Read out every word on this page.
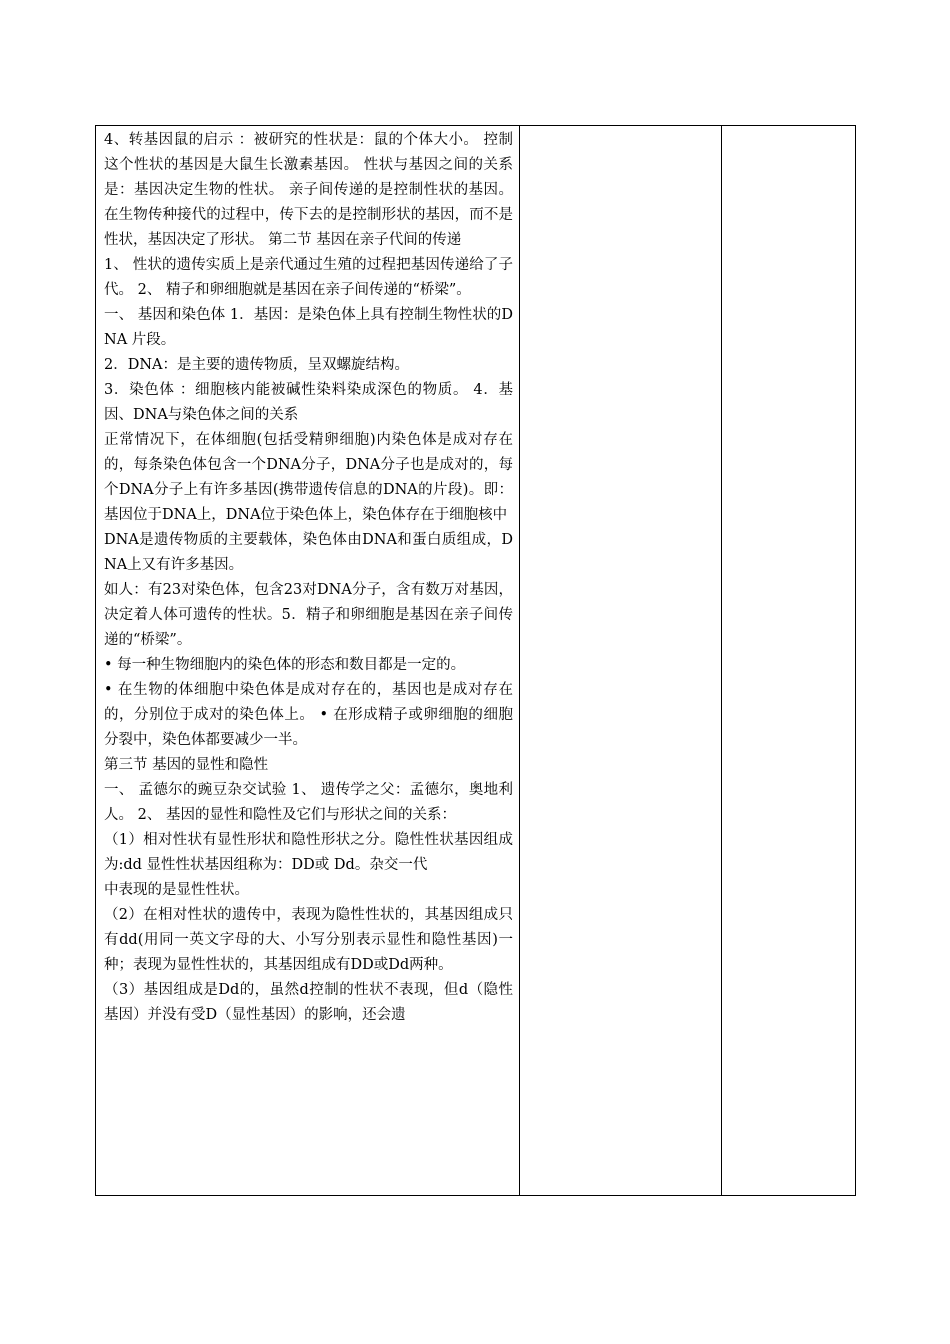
4、转基因鼠的启示 ：被研究的性状是：鼠的个体大小。 控制这个性状的基因是大鼠生长激素基因。 性状与基因之间的关系是：基因决定生物的性状。 亲子间传递的是控制性状的基因。 在生物传种接代的过程中，传下去的是控制形状的基因，而不是性状，基因决定了形状。 第二节 基因在亲子代间的传递

1、 性状的遗传实质上是亲代通过生殖的过程把基因传递给了子代。 2、 精子和卵细胞就是基因在亲子间传递的“桥梁”。

一、 基因和染色体 1．基因：是染色体上具有控制生物性状的DNA 片段。

2．DNA：是主要的遗传物质，呈双螺旋结构。

3．染色体 ：细胞核内能被碱性染料染成深色的物质。 4．基因、DNA与染色体之间的关系

正常情况下，在体细胞(包括受精卵细胞)内染色体是成对存在的，每条染色体包含一个DNA分子，DNA分子也是成对的，每个DNA分子上有许多基因(携带遗传信息的DNA的片段)。即：基因位于DNA上，DNA位于染色体上，染色体存在于细胞核中

DNA是遗传物质的主要载体，染色体由DNA和蛋白质组成，DNA上又有许多基因。

如人：有23对染色体，包含23对DNA分子，含有数万对基因，决定着人体可遗传的性状。5．精子和卵细胞是基因在亲子间传递的“桥梁”。

• 每一种生物细胞内的染色体的形态和数目都是一定的。

• 在生物的体细胞中染色体是成对存在的，基因也是成对存在的，分别位于成对的染色体上。 • 在形成精子或卵细胞的细胞分裂中，染色体都要减少一半。

第三节 基因的显性和隐性

一、 孟德尔的豌豆杂交试验 1、 遗传学之父：孟德尔，奥地利人。 2、 基因的显性和隐性及它们与形状之间的关系：

（1）相对性状有显性形状和隐性形状之分。隐性性状基因组成为:dd 显性性状基因组称为：DD或 Dd。杂交一代

中表现的是显性性状。

（2）在相对性状的遗传中，表现为隐性性状的，其基因组成只有dd(用同一英文字母的大、小写分别表示显性和隐性基因)一种；表现为显性性状的，其基因组成有DD或Dd两种。

（3）基因组成是Dd的，虽然d控制的性状不表现，但d（隐性基因）并没有受D（显性基因）的影响，还会遗
